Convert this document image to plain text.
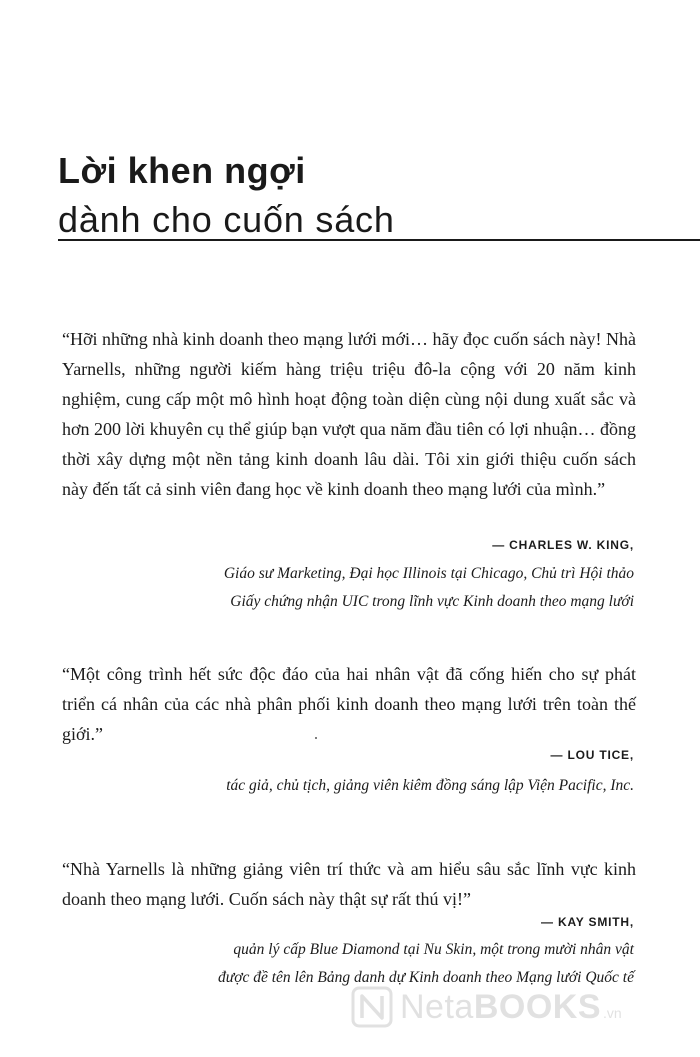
Lời khen ngợi
dành cho cuốn sách

“Hỡi những nhà kinh doanh theo mạng lưới mới… hãy đọc cuốn sách này! Nhà Yarnells, những người kiếm hàng triệu triệu đô-la cộng với 20 năm kinh nghiệm, cung cấp một mô hình hoạt động toàn diện cùng nội dung xuất sắc và hơn 200 lời khuyên cụ thể giúp bạn vượt qua năm đầu tiên có lợi nhuận… đồng thời xây dựng một nền tảng kinh doanh lâu dài. Tôi xin giới thiệu cuốn sách này đến tất cả sinh viên đang học về kinh doanh theo mạng lưới của mình.”

— CHARLES W. KING,

Giáo sư Marketing, Đại học Illinois tại Chicago, Chủ trì Hội thảo
Giấy chứng nhận UIC trong lĩnh vực Kinh doanh theo mạng lưới

“Một công trình hết sức độc đáo của hai nhân vật đã cống hiến cho sự phát triển cá nhân của các nhà phân phối kinh doanh theo mạng lưới trên toàn thế giới.”

— LOU TICE,

tác giả, chủ tịch, giảng viên kiêm đồng sáng lập Viện Pacific, Inc.

“Nhà Yarnells là những giảng viên trí thức và am hiểu sâu sắc lĩnh vực kinh doanh theo mạng lưới. Cuốn sách này thật sự rất thú vị!”

— KAY SMITH,

quản lý cấp Blue Diamond tại Nu Skin, một trong mười nhân vật
được đề tên lên Bảng danh dự Kinh doanh theo Mạng lưới Quốc tế
NetaBOOKS .vn
